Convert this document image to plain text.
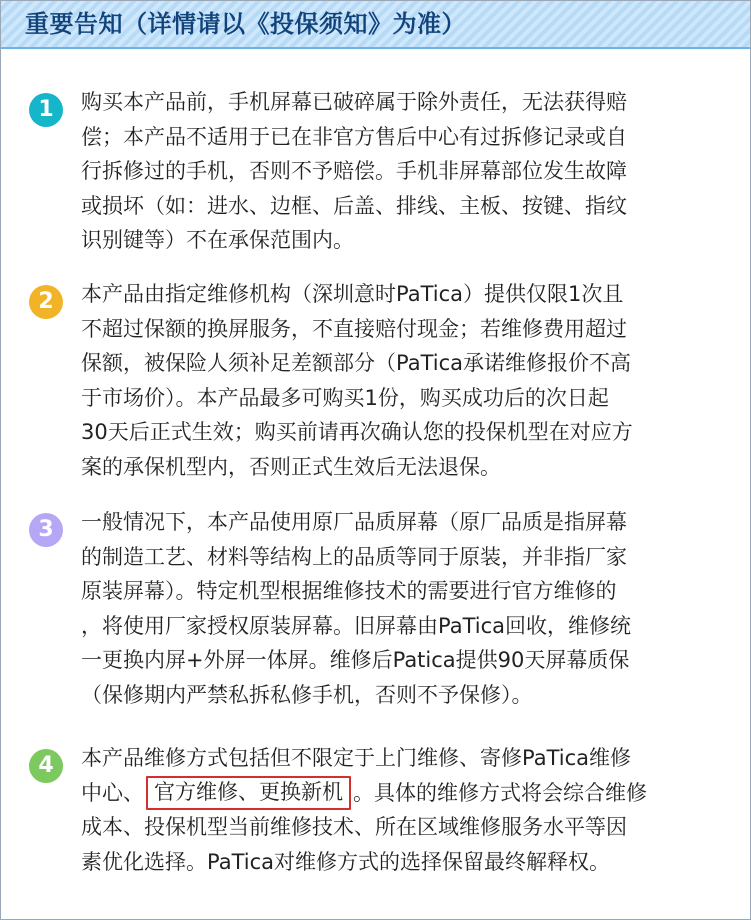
重要告知（详情请以《投保须知》为准）
1	购买本产品前，手机屏幕已破碎属于除外责任，无法获得赔
偿；本产品不适用于已在非官方售后中心有过拆修记录或自
行拆修过的手机，否则不予赔偿。手机非屏幕部位发生故障
或损坏（如：进水、边框、后盖、排线、主板、按键、指纹
识别键等）不在承保范围内。
2	本产品由指定维修机构（深圳意时PaTica）提供仅限1次且
不超过保额的换屏服务，不直接赔付现金；若维修费用超过
保额，被保险人须补足差额部分（PaTica承诺维修报价不高
于市场价）。本产品最多可购买1份，购买成功后的次日起
30天后正式生效；购买前请再次确认您的投保机型在对应方
案的承保机型内，否则正式生效后无法退保。
3	一般情况下，本产品使用原厂品质屏幕（原厂品质是指屏幕
的制造工艺、材料等结构上的品质等同于原装，并非指厂家
原装屏幕）。特定机型根据维修技术的需要进行官方维修的
，将使用厂家授权原装屏幕。旧屏幕由PaTica回收，维修统
一更换内屏+外屏一体屏。维修后Patica提供90天屏幕质保
（保修期内严禁私拆私修手机，否则不予保修）。
4	本产品维修方式包括但不限定于上门维修、寄修PaTica维修
中心、 官方维修、更换新机 。具体的维修方式将会综合维修
成本、投保机型当前维修技术、所在区域维修服务水平等因
素优化选择。PaTica对维修方式的选择保留最终解释权。
